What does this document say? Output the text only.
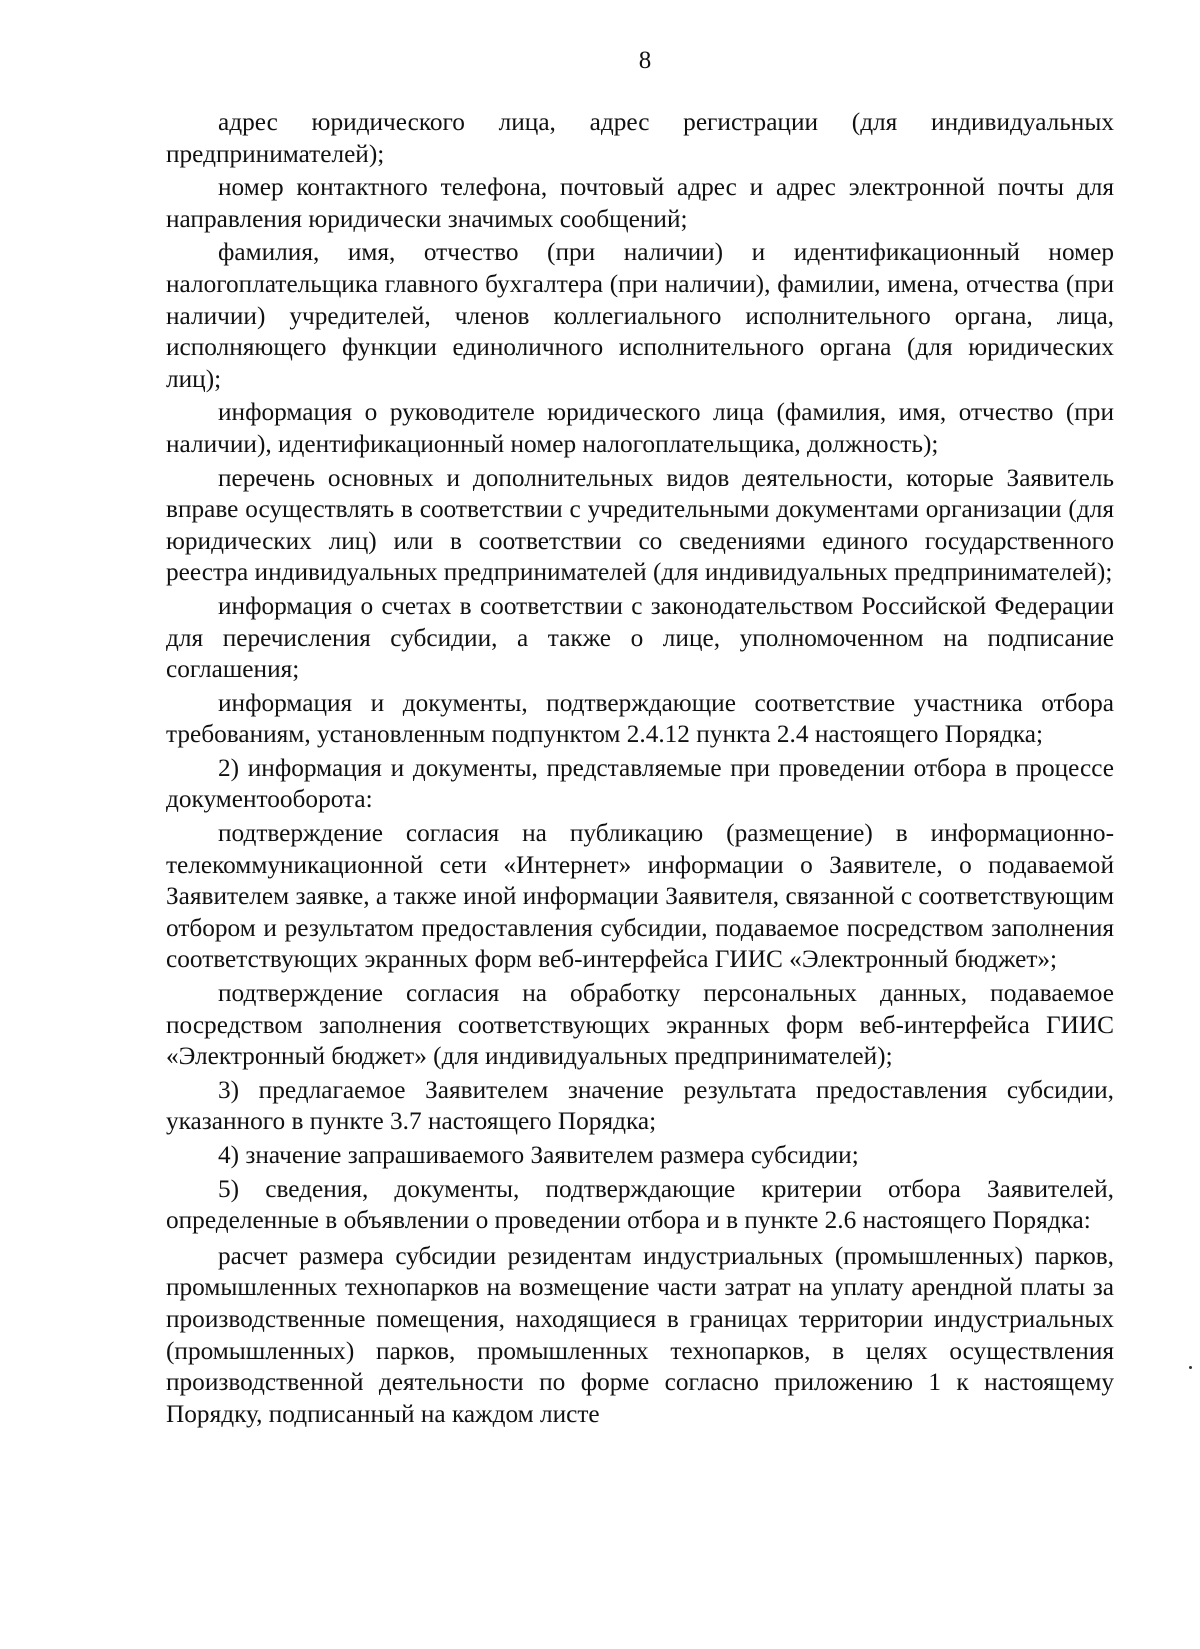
8

адрес юридического лица, адрес регистрации (для индивидуальных предпринимателей);

номер контактного телефона, почтовый адрес и адрес электронной почты для направления юридически значимых сообщений;

фамилия, имя, отчество (при наличии) и идентификационный номер налогоплательщика главного бухгалтера (при наличии), фамилии, имена, отчества (при наличии) учредителей, членов коллегиального исполнительного органа, лица, исполняющего функции единоличного исполнительного органа (для юридических лиц);

информация о руководителе юридического лица (фамилия, имя, отчество (при наличии), идентификационный номер налогоплательщика, должность);

перечень основных и дополнительных видов деятельности, которые Заявитель вправе осуществлять в соответствии с учредительными документами организации (для юридических лиц) или в соответствии со сведениями единого государственного реестра индивидуальных предпринимателей (для индивидуальных предпринимателей);

информация о счетах в соответствии с законодательством Российской Федерации для перечисления субсидии, а также о лице, уполномоченном на подписание соглашения;

информация и документы, подтверждающие соответствие участника отбора требованиям, установленным подпунктом 2.4.12 пункта 2.4 настоящего Порядка;

2) информация и документы, представляемые при проведении отбора в процессе документооборота:

подтверждение согласия на публикацию (размещение) в информационно-телекоммуникационной сети «Интернет» информации о Заявителе, о подаваемой Заявителем заявке, а также иной информации Заявителя, связанной с соответствующим отбором и результатом предоставления субсидии, подаваемое посредством заполнения соответствующих экранных форм веб-интерфейса ГИИС «Электронный бюджет»;

подтверждение согласия на обработку персональных данных, подаваемое посредством заполнения соответствующих экранных форм веб-интерфейса ГИИС «Электронный бюджет» (для индивидуальных предпринимателей);

3) предлагаемое Заявителем значение результата предоставления субсидии, указанного в пункте 3.7 настоящего Порядка;

4) значение запрашиваемого Заявителем размера субсидии;

5) сведения, документы, подтверждающие критерии отбора Заявителей, определенные в объявлении о проведении отбора и в пункте 2.6 настоящего Порядка:

расчет размера субсидии резидентам индустриальных (промышленных) парков, промышленных технопарков на возмещение части затрат на уплату арендной платы за производственные помещения, находящиеся в границах территории индустриальных (промышленных) парков, промышленных технопарков, в целях осуществления производственной деятельности по форме согласно приложению 1 к настоящему Порядку, подписанный на каждом листе
